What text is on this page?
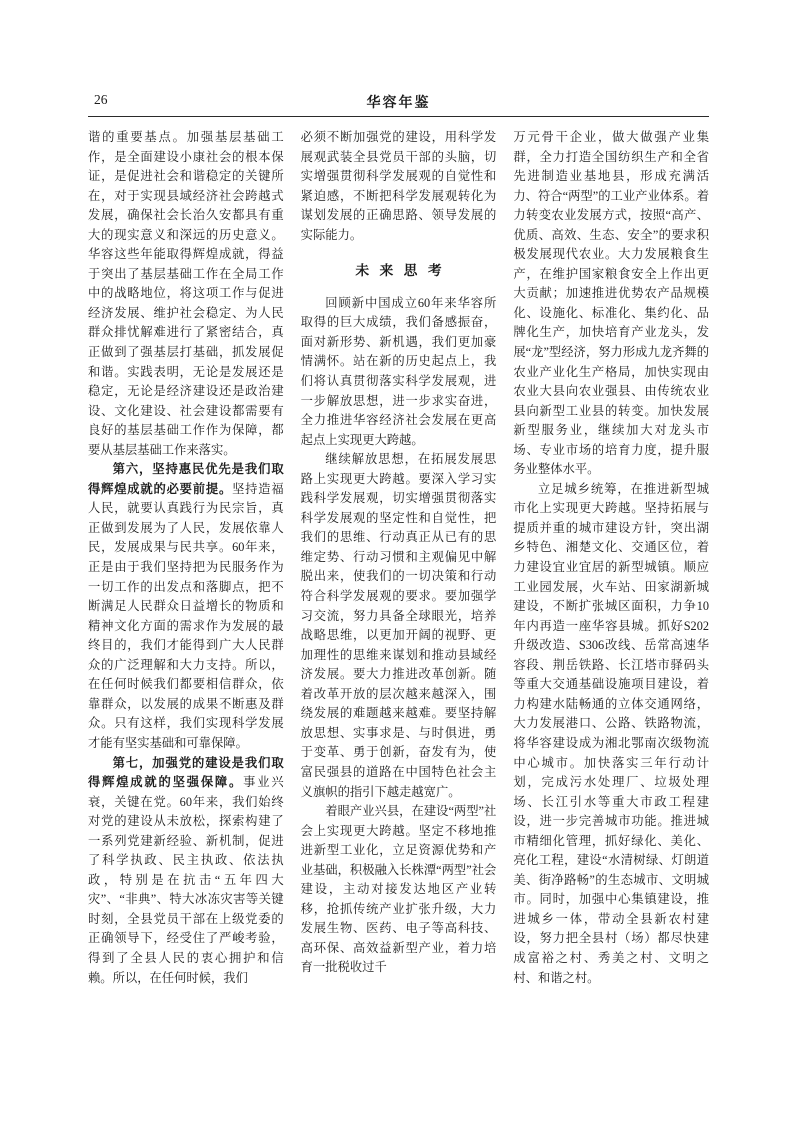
26	华容年鉴

谐的重要基点。加强基层基础工作，是全面建设小康社会的根本保证，是促进社会和谐稳定的关键所在，对于实现县域经济社会跨越式发展，确保社会长治久安都具有重大的现实意义和深远的历史意义。华容这些年能取得辉煌成就，得益于突出了基层基础工作在全局工作中的战略地位，将这项工作与促进经济发展、维护社会稳定、为人民群众排忧解难进行了紧密结合，真正做到了强基层打基础，抓发展促和谐。实践表明，无论是发展还是稳定，无论是经济建设还是政治建设、文化建设、社会建设都需要有良好的基层基础工作作为保障，都要从基层基础工作来落实。

第六，坚持惠民优先是我们取得辉煌成就的必要前提。坚持造福人民，就要认真践行为民宗旨，真正做到发展为了人民，发展依靠人民，发展成果与民共享。60年来，正是由于我们坚持把为民服务作为一切工作的出发点和落脚点，把不断满足人民群众日益增长的物质和精神文化方面的需求作为发展的最终目的，我们才能得到广大人民群众的广泛理解和大力支持。所以，在任何时候我们都要相信群众，依靠群众，以发展的成果不断惠及群众。只有这样，我们实现科学发展才能有坚实基础和可靠保障。

第七，加强党的建设是我们取得辉煌成就的坚强保障。事业兴衰，关键在党。60年来，我们始终对党的建设从未放松，探索构建了一系列党建新经验、新机制，促进了科学执政、民主执政、依法执政，特别是在抗击“五年四大灾”、“非典”、特大冰冻灾害等关键时刻，全县党员干部在上级党委的正确领导下，经受住了严峻考验，得到了全县人民的衷心拥护和信赖。所以，在任何时候，我们

必须不断加强党的建设，用科学发展观武装全县党员干部的头脑，切实增强贯彻科学发展观的自觉性和紧迫感，不断把科学发展观转化为谋划发展的正确思路、领导发展的实际能力。

未来思考

回顾新中国成立60年来华容所取得的巨大成绩，我们备感振奋，面对新形势、新机遇，我们更加豪情满怀。站在新的历史起点上，我们将认真贯彻落实科学发展观，进一步解放思想，进一步求实奋进，全力推进华容经济社会发展在更高起点上实现更大跨越。

继续解放思想，在拓展发展思路上实现更大跨越。要深入学习实践科学发展观，切实增强贯彻落实科学发展观的坚定性和自觉性，把我们的思维、行动真正从已有的思维定势、行动习惯和主观偏见中解脱出来，使我们的一切决策和行动符合科学发展观的要求。要加强学习交流，努力具备全球眼光，培养战略思维，以更加开阔的视野、更加理性的思维来谋划和推动县域经济发展。要大力推进改革创新。随着改革开放的层次越来越深入，围绕发展的难题越来越难。要坚持解放思想、实事求是、与时俱进，勇于变革、勇于创新，奋发有为，使富民强县的道路在中国特色社会主义旗帜的指引下越走越宽广。

着眼产业兴县，在建设“两型”社会上实现更大跨越。坚定不移地推进新型工业化，立足资源优势和产业基础，积极融入长株潭“两型”社会建设，主动对接发达地区产业转移，抢抓传统产业扩张升级，大力发展生物、医药、电子等高科技、高环保、高效益新型产业，着力培育一批税收过千

万元骨干企业，做大做强产业集群，全力打造全国纺织生产和全省先进制造业基地县，形成充满活力、符合“两型”的工业产业体系。着力转变农业发展方式，按照“高产、优质、高效、生态、安全”的要求积极发展现代农业。大力发展粮食生产，在维护国家粮食安全上作出更大贡献；加速推进优势农产品规模化、设施化、标准化、集约化、品牌化生产，加快培育产业龙头，发展“龙”型经济，努力形成九龙齐舞的农业产业化生产格局，加快实现由农业大县向农业强县、由传统农业县向新型工业县的转变。加快发展新型服务业，继续加大对龙头市场、专业市场的培育力度，提升服务业整体水平。

立足城乡统筹，在推进新型城市化上实现更大跨越。坚持拓展与提质并重的城市建设方针，突出湖乡特色、湘楚文化、交通区位，着力建设宜业宜居的新型城镇。顺应工业园发展，火车站、田家湖新城建设，不断扩张城区面积，力争10年内再造一座华容县城。抓好S202升级改造、S306改线、岳常高速华容段、荆岳铁路、长江塔市驿码头等重大交通基础设施项目建设，着力构建水陆畅通的立体交通网络，大力发展港口、公路、铁路物流，将华容建设成为湘北鄂南次级物流中心城市。加快落实三年行动计划，完成污水处理厂、垃圾处理场、长江引水等重大市政工程建设，进一步完善城市功能。推进城市精细化管理，抓好绿化、美化、亮化工程，建设“水清树绿、灯朗道美、街净路畅”的生态城市、文明城市。同时，加强中心集镇建设，推进城乡一体，带动全县新农村建设，努力把全县村（场）都尽快建成富裕之村、秀美之村、文明之村、和谐之村。
